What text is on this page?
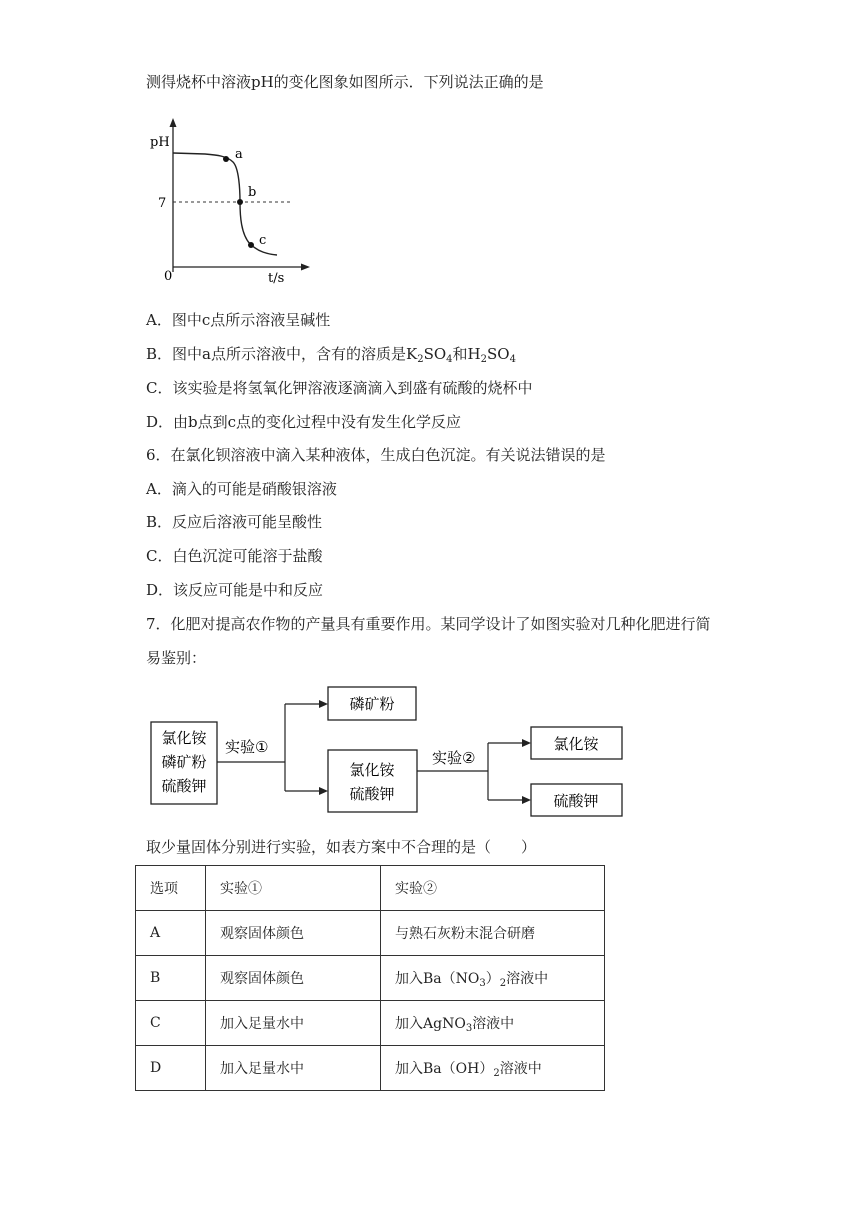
测得烧杯中溶液pH的变化图象如图所示．下列说法正确的是
pH
7
0	t/s
a
b
c
A．图中c点所示溶液呈碱性
B．图中a点所示溶液中，含有的溶质是$K_2SO_4$和$H_2SO_4$
C．该实验是将氢氧化钾溶液逐滴滴入到盛有硫酸的烧杯中
D．由b点到c点的变化过程中没有发生化学反应
6．在氯化钡溶液中滴入某种液体，生成白色沉淀。有关说法错误的是
A．滴入的可能是硝酸银溶液
B．反应后溶液可能呈酸性
C．白色沉淀可能溶于盐酸
D．该反应可能是中和反应
7．化肥对提高农作物的产量具有重要作用。某同学设计了如图实验对几种化肥进行简
易鉴别：
氯化铵
磷矿粉
硫酸钾
实验①
磷矿粉
氯化铵
硫酸钾
实验②
氯化铵
硫酸钾
取少量固体分别进行实验，如表方案中不合理的是（　　）
选项	实验①	实验②
A	观察固体颜色	与熟石灰粉末混合研磨
B	观察固体颜色	加入$Ba(NO_3)_2$溶液中
C	加入足量水中	加入AgNO$_3$溶液中
D	加入足量水中	加入$Ba(OH)_2$溶液中
